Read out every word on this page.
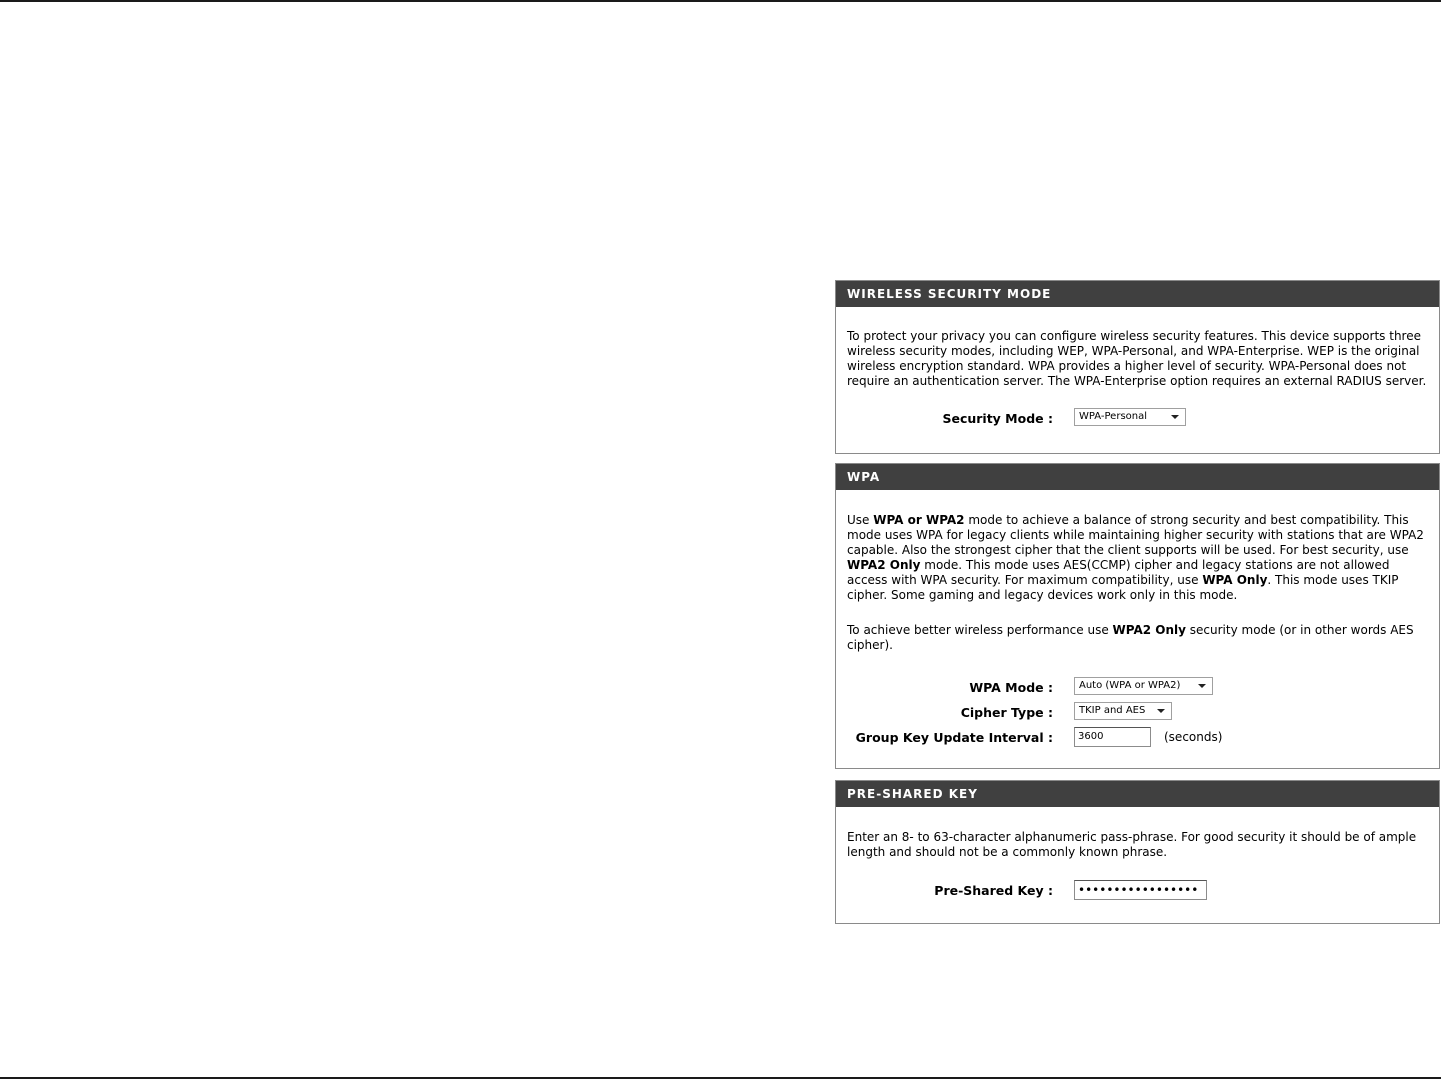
WIRELESS SECURITY MODE

To protect your privacy you can configure wireless security features. This device supports three wireless security modes, including WEP, WPA-Personal, and WPA-Enterprise. WEP is the original wireless encryption standard. WPA provides a higher level of security. WPA-Personal does not require an authentication server. The WPA-Enterprise option requires an external RADIUS server.

Security Mode :	WPA-Personal
WPA

Use WPA or WPA2 mode to achieve a balance of strong security and best compatibility. This mode uses WPA for legacy clients while maintaining higher security with stations that are WPA2 capable. Also the strongest cipher that the client supports will be used. For best security, use WPA2 Only mode. This mode uses AES(CCMP) cipher and legacy stations are not allowed access with WPA security. For maximum compatibility, use WPA Only. This mode uses TKIP cipher. Some gaming and legacy devices work only in this mode.

To achieve better wireless performance use WPA2 Only security mode (or in other words AES cipher).

WPA Mode :	Auto (WPA or WPA2)
Cipher Type :	TKIP and AES
Group Key Update Interval :	3600	(seconds)
PRE-SHARED KEY

Enter an 8- to 63-character alphanumeric pass-phrase. For good security it should be of ample length and should not be a commonly known phrase.

Pre-Shared Key :	•••••••••••••••••
